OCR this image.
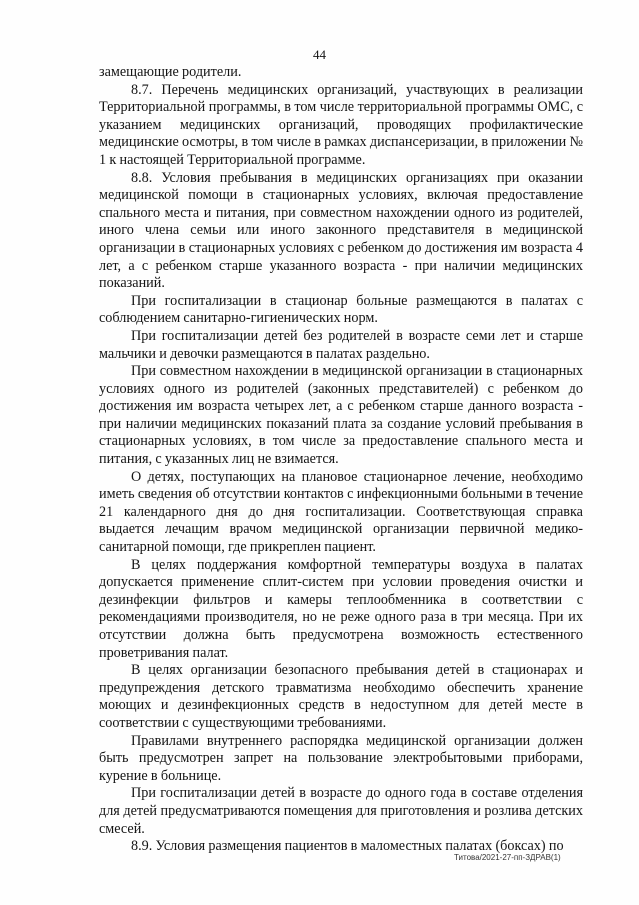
44

замещающие родители.

8.7. Перечень медицинских организаций, участвующих в реализации Территориальной программы, в том числе территориальной программы ОМС, с указанием медицинских организаций, проводящих профилактические медицинские осмотры, в том числе в рамках диспансеризации, в приложении № 1 к настоящей Территориальной программе.

8.8. Условия пребывания в медицинских организациях при оказании медицинской помощи в стационарных условиях, включая предоставление спального места и питания, при совместном нахождении одного из родителей, иного члена семьи или иного законного представителя в медицинской организации в стационарных условиях с ребенком до достижения им возраста 4 лет, а с ребенком старше указанного возраста - при наличии медицинских показаний.

При госпитализации в стационар больные размещаются в палатах с соблюдением санитарно-гигиенических норм.

При госпитализации детей без родителей в возрасте семи лет и старше мальчики и девочки размещаются в палатах раздельно.

При совместном нахождении в медицинской организации в стационарных условиях одного из родителей (законных представителей) с ребенком до достижения им возраста четырех лет, а с ребенком старше данного возраста - при наличии медицинских показаний плата за создание условий пребывания в стационарных условиях, в том числе за предоставление спального места и питания, с указанных лиц не взимается.

О детях, поступающих на плановое стационарное лечение, необходимо иметь сведения об отсутствии контактов с инфекционными больными в течение 21 календарного дня до дня госпитализации. Соответствующая справка выдается лечащим врачом медицинской организации первичной медико-санитарной помощи, где прикреплен пациент.

В целях поддержания комфортной температуры воздуха в палатах допускается применение сплит-систем при условии проведения очистки и дезинфекции фильтров и камеры теплообменника в соответствии с рекомендациями производителя, но не реже одного раза в три месяца. При их отсутствии должна быть предусмотрена возможность естественного проветривания палат.

В целях организации безопасного пребывания детей в стационарах и предупреждения детского травматизма необходимо обеспечить хранение моющих и дезинфекционных средств в недоступном для детей месте в соответствии с существующими требованиями.

Правилами внутреннего распорядка медицинской организации должен быть предусмотрен запрет на пользование электробытовыми приборами, курение в больнице.

При госпитализации детей в возрасте до одного года в составе отделения для детей предусматриваются помещения для приготовления и розлива детских смесей.

8.9. Условия размещения пациентов в маломестных палатах (боксах) по

Титова/2021-27-пп-ЗДРАВ(1)
